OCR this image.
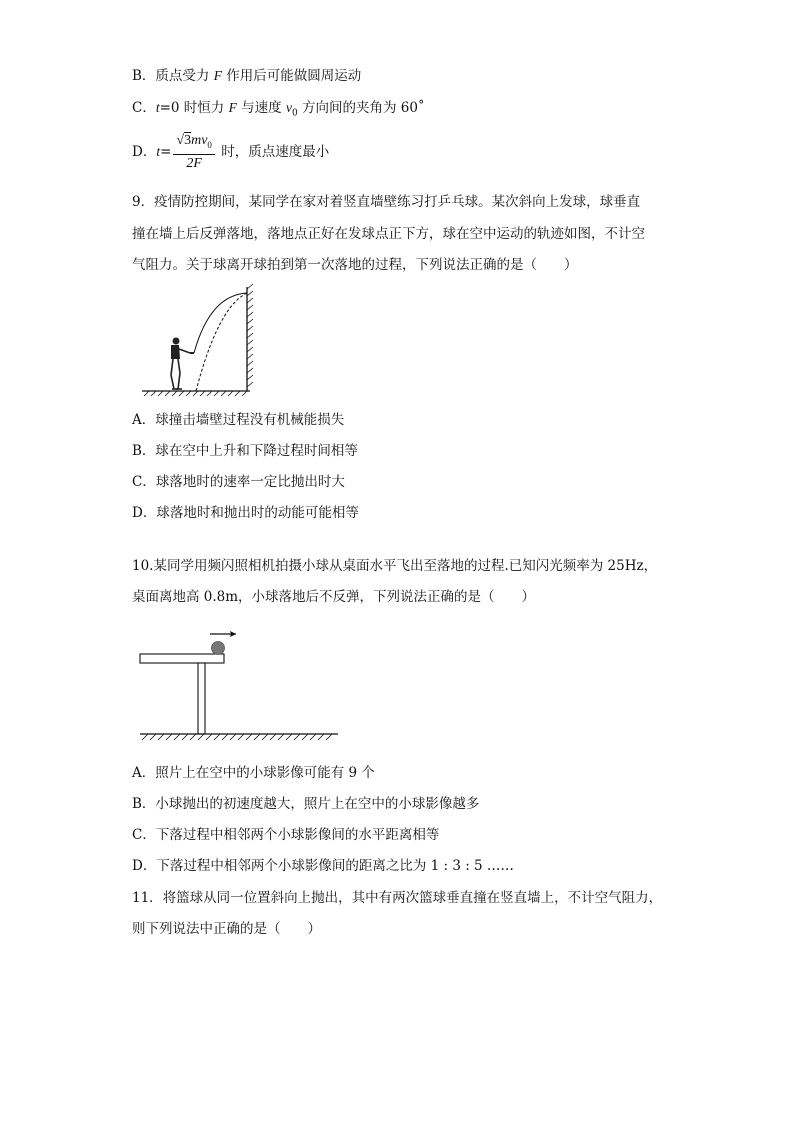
B．质点受力 F 作用后可能做圆周运动
C．t=0 时恒力 F 与速度 $v_0$ 方向间的夹角为 60˚
D．$t= \frac{√3mv_0}{2F}$ 时，质点速度最小
9．疫情防控期间，某同学在家对着竖直墙壁练习打乒乓球。某次斜向上发球，球垂直
撞在墙上后反弹落地，落地点正好在发球点正下方，球在空中运动的轨迹如图，不计空
气阻力。关于球离开球拍到第一次落地的过程，下列说法正确的是（　　）
A．球撞击墙壁过程没有机械能损失
B．球在空中上升和下降过程时间相等
C．球落地时的速率一定比抛出时大
D．球落地时和抛出时的动能可能相等
10.某同学用频闪照相机拍摄小球从桌面水平飞出至落地的过程.已知闪光频率为 25Hz，
桌面离地高 0.8m，小球落地后不反弹，下列说法正确的是（　　）
A．照片上在空中的小球影像可能有 9 个
B．小球抛出的初速度越大，照片上在空中的小球影像越多
C．下落过程中相邻两个小球影像间的水平距离相等
D．下落过程中相邻两个小球影像间的距离之比为 1 : 3 : 5 ……
11．将篮球从同一位置斜向上抛出，其中有两次篮球垂直撞在竖直墙上，不计空气阻力，
则下列说法中正确的是（　　）
